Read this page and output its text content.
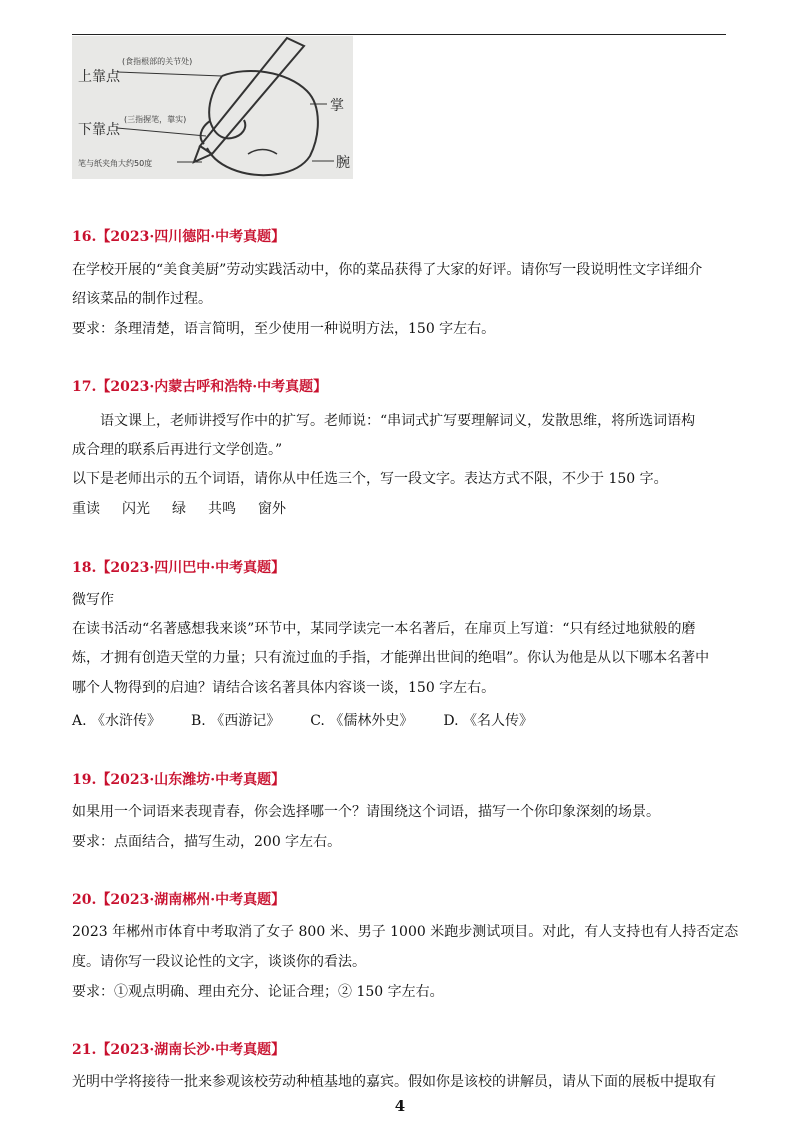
上靠点
(食指根部的关节处)
下靠点
(三指握笔，靠实)
笔与纸夹角大约50度
掌
腕
16.【2023·四川德阳·中考真题】
在学校开展的“美食美厨”劳动实践活动中，你的菜品获得了大家的好评。请你写一段说明性文字详细介
绍该菜品的制作过程。
要求：条理清楚，语言简明，至少使用一种说明方法，150 字左右。
17.【2023·内蒙古呼和浩特·中考真题】
语文课上，老师讲授写作中的扩写。老师说：“串词式扩写要理解词义，发散思维，将所选词语构
成合理的联系后再进行文学创造。”
以下是老师出示的五个词语，请你从中任选三个，写一段文字。表达方式不限，不少于 150 字。
重读 闪光 绿 共鸣 窗外
18.【2023·四川巴中·中考真题】
微写作
在读书活动“名著感想我来谈”环节中，某同学读完一本名著后，在扉页上写道：“只有经过地狱般的磨
炼，才拥有创造天堂的力量；只有流过血的手指，才能弹出世间的绝唱”。你认为他是从以下哪本名著中
哪个人物得到的启迪？请结合该名著具体内容谈一谈，150 字左右。
A. 《水浒传》 B. 《西游记》 C. 《儒林外史》 D. 《名人传》
19.【2023·山东潍坊·中考真题】
如果用一个词语来表现青春，你会选择哪一个？请围绕这个词语，描写一个你印象深刻的场景。
要求：点面结合，描写生动，200 字左右。
20.【2023·湖南郴州·中考真题】
2023 年郴州市体育中考取消了女子 800 米、男子 1000 米跑步测试项目。对此，有人支持也有人持否定态
度。请你写一段议论性的文字，谈谈你的看法。
要求：①观点明确、理由充分、论证合理；② 150 字左右。
21.【2023·湖南长沙·中考真题】
光明中学将接待一批来参观该校劳动种植基地的嘉宾。假如你是该校的讲解员，请从下面的展板中提取有
4
